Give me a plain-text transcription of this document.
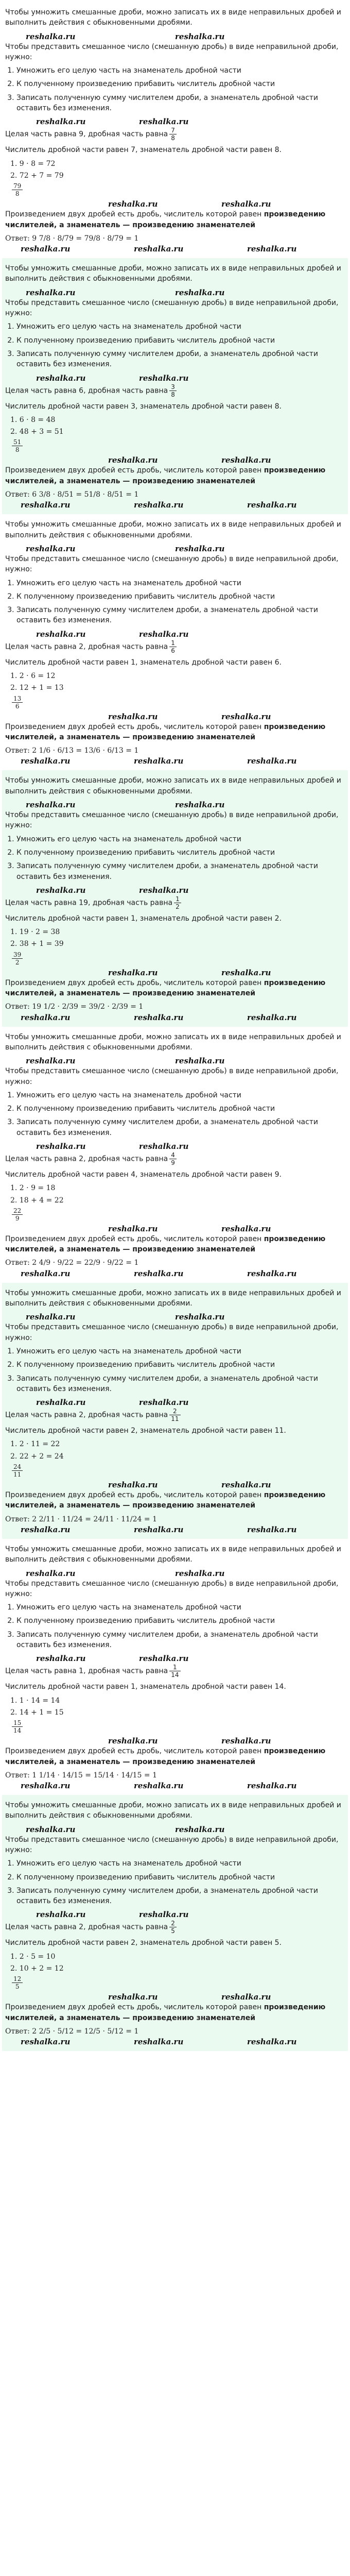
Чтобы умножить смешанные дроби, можно записать их в виде неправильных дробей и выполнить действия с обыкновенными дробями.

reshalka.ru	reshalka.ru

Чтобы представить смешанное число (смешанную дробь) в виде неправильной дроби, нужно:

1. Умножить его целую часть на знаменатель дробной части
2. К полученному произведению прибавить числитель дробной части
3. Записать полученную сумму числителем дроби, а знаменатель дробной части оставить без изменения.
reshalka.ru	reshalka.ru

Целая часть равна 9, дробная часть равна $\frac{7}{8}$

Числитель дробной части равен 7, знаменатель дробной части равен 8.

1. 9 · 8 = 72
2. 72 + 7 = 79
$\frac{79}{8}$
reshalka.ru	reshalka.ru

Произведением двух дробей есть дробь, числитель которой равен произведению числителей, а знаменатель — произведению знаменателей

Ответ: 9 7/8 · 8/79 = 79/8 · 8/79 = 1
reshalka.ru	reshalka.ru	reshalka.ru

Чтобы умножить смешанные дроби, можно записать их в виде неправильных дробей и выполнить действия с обыкновенными дробями.

reshalka.ru	reshalka.ru

Чтобы представить смешанное число (смешанную дробь) в виде неправильной дроби, нужно:

1. Умножить его целую часть на знаменатель дробной части
2. К полученному произведению прибавить числитель дробной части
3. Записать полученную сумму числителем дроби, а знаменатель дробной части оставить без изменения.
reshalka.ru	reshalka.ru

Целая часть равна 6, дробная часть равна $\frac{3}{8}$

Числитель дробной части равен 3, знаменатель дробной части равен 8.

1. 6 · 8 = 48
2. 48 + 3 = 51
$\frac{51}{8}$
reshalka.ru	reshalka.ru

Произведением двух дробей есть дробь, числитель которой равен произведению числителей, а знаменатель — произведению знаменателей

Ответ: 6 3/8 · 8/51 = 51/8 · 8/51 = 1
reshalka.ru	reshalka.ru	reshalka.ru

Чтобы умножить смешанные дроби, можно записать их в виде неправильных дробей и выполнить действия с обыкновенными дробями.

reshalka.ru	reshalka.ru

Чтобы представить смешанное число (смешанную дробь) в виде неправильной дроби, нужно:

1. Умножить его целую часть на знаменатель дробной части
2. К полученному произведению прибавить числитель дробной части
3. Записать полученную сумму числителем дроби, а знаменатель дробной части оставить без изменения.
reshalka.ru	reshalka.ru

Целая часть равна 2, дробная часть равна $\frac{1}{6}$

Числитель дробной части равен 1, знаменатель дробной части равен 6.

1. 2 · 6 = 12
2. 12 + 1 = 13
$\frac{13}{6}$
reshalka.ru	reshalka.ru

Произведением двух дробей есть дробь, числитель которой равен произведению числителей, а знаменатель — произведению знаменателей

Ответ: 2 1/6 · 6/13 = 13/6 · 6/13 = 1
reshalka.ru	reshalka.ru	reshalka.ru

Чтобы умножить смешанные дроби, можно записать их в виде неправильных дробей и выполнить действия с обыкновенными дробями.

reshalka.ru	reshalka.ru

Чтобы представить смешанное число (смешанную дробь) в виде неправильной дроби, нужно:

1. Умножить его целую часть на знаменатель дробной части
2. К полученному произведению прибавить числитель дробной части
3. Записать полученную сумму числителем дроби, а знаменатель дробной части оставить без изменения.
reshalka.ru	reshalka.ru

Целая часть равна 19, дробная часть равна $\frac{1}{2}$

Числитель дробной части равен 1, знаменатель дробной части равен 2.

1. 19 · 2 = 38
2. 38 + 1 = 39
$\frac{39}{2}$
reshalka.ru	reshalka.ru

Произведением двух дробей есть дробь, числитель которой равен произведению числителей, а знаменатель — произведению знаменателей

Ответ: 19 1/2 · 2/39 = 39/2 · 2/39 = 1
reshalka.ru	reshalka.ru	reshalka.ru

Чтобы умножить смешанные дроби, можно записать их в виде неправильных дробей и выполнить действия с обыкновенными дробями.

reshalka.ru	reshalka.ru

Чтобы представить смешанное число (смешанную дробь) в виде неправильной дроби, нужно:

1. Умножить его целую часть на знаменатель дробной части
2. К полученному произведению прибавить числитель дробной части
3. Записать полученную сумму числителем дроби, а знаменатель дробной части оставить без изменения.
reshalka.ru	reshalka.ru

Целая часть равна 2, дробная часть равна $\frac{4}{9}$

Числитель дробной части равен 4, знаменатель дробной части равен 9.

1. 2 · 9 = 18
2. 18 + 4 = 22
$\frac{22}{9}$
reshalka.ru	reshalka.ru

Произведением двух дробей есть дробь, числитель которой равен произведению числителей, а знаменатель — произведению знаменателей

Ответ: 2 4/9 · 9/22 = 22/9 · 9/22 = 1
reshalka.ru	reshalka.ru	reshalka.ru

Чтобы умножить смешанные дроби, можно записать их в виде неправильных дробей и выполнить действия с обыкновенными дробями.

reshalka.ru	reshalka.ru

Чтобы представить смешанное число (смешанную дробь) в виде неправильной дроби, нужно:

1. Умножить его целую часть на знаменатель дробной части
2. К полученному произведению прибавить числитель дробной части
3. Записать полученную сумму числителем дроби, а знаменатель дробной части оставить без изменения.
reshalka.ru	reshalka.ru

Целая часть равна 2, дробная часть равна $\frac{2}{11}$

Числитель дробной части равен 2, знаменатель дробной части равен 11.

1. 2 · 11 = 22
2. 22 + 2 = 24
$\frac{24}{11}$
reshalka.ru	reshalka.ru

Произведением двух дробей есть дробь, числитель которой равен произведению числителей, а знаменатель — произведению знаменателей

Ответ: 2 2/11 · 11/24 = 24/11 · 11/24 = 1
reshalka.ru	reshalka.ru	reshalka.ru

Чтобы умножить смешанные дроби, можно записать их в виде неправильных дробей и выполнить действия с обыкновенными дробями.

reshalka.ru	reshalka.ru

Чтобы представить смешанное число (смешанную дробь) в виде неправильной дроби, нужно:

1. Умножить его целую часть на знаменатель дробной части
2. К полученному произведению прибавить числитель дробной части
3. Записать полученную сумму числителем дроби, а знаменатель дробной части оставить без изменения.
reshalka.ru	reshalka.ru

Целая часть равна 1, дробная часть равна $\frac{1}{14}$

Числитель дробной части равен 1, знаменатель дробной части равен 14.

1. 1 · 14 = 14
2. 14 + 1 = 15
$\frac{15}{14}$
reshalka.ru	reshalka.ru

Произведением двух дробей есть дробь, числитель которой равен произведению числителей, а знаменатель — произведению знаменателей

Ответ: 1 1/14 · 14/15 = 15/14 · 14/15 = 1
reshalka.ru	reshalka.ru	reshalka.ru

Чтобы умножить смешанные дроби, можно записать их в виде неправильных дробей и выполнить действия с обыкновенными дробями.

reshalka.ru	reshalka.ru

Чтобы представить смешанное число (смешанную дробь) в виде неправильной дроби, нужно:

1. Умножить его целую часть на знаменатель дробной части
2. К полученному произведению прибавить числитель дробной части
3. Записать полученную сумму числителем дроби, а знаменатель дробной части оставить без изменения.
reshalka.ru	reshalka.ru

Целая часть равна 2, дробная часть равна $\frac{2}{5}$

Числитель дробной части равен 2, знаменатель дробной части равен 5.

1. 2 · 5 = 10
2. 10 + 2 = 12
$\frac{12}{5}$
reshalka.ru	reshalka.ru

Произведением двух дробей есть дробь, числитель которой равен произведению числителей, а знаменатель — произведению знаменателей

Ответ: 2 2/5 · 5/12 = 12/5 · 5/12 = 1
reshalka.ru	reshalka.ru	reshalka.ru
